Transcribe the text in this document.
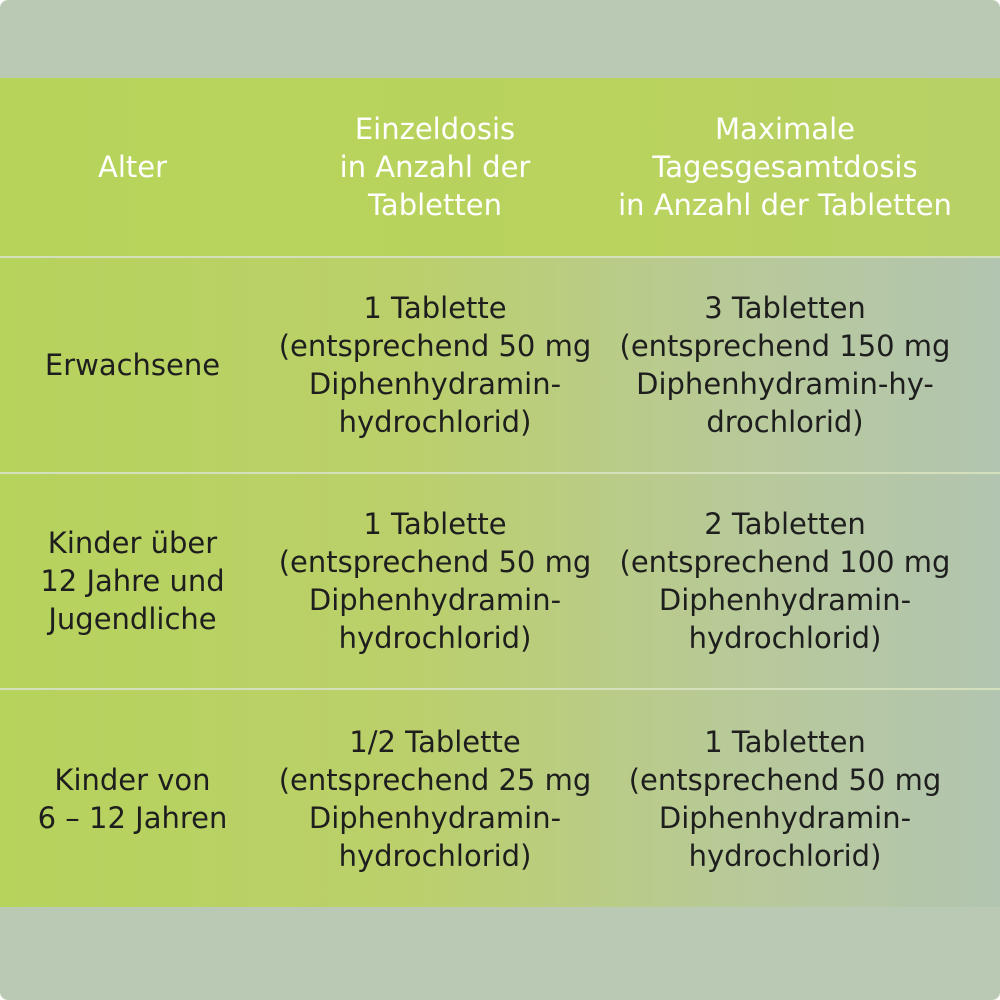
Alter
Einzeldosis
in Anzahl der
Tabletten
Maximale
Tagesgesamtdosis
in Anzahl der Tabletten
Erwachsene
1 Tablette
(entsprechend 50 mg
Diphenhydramin-
hydrochlorid)
3 Tabletten
(entsprechend 150 mg
Diphenhydramin-hy-
drochlorid)
Kinder über
12 Jahre und
Jugendliche
1 Tablette
(entsprechend 50 mg
Diphenhydramin-
hydrochlorid)
2 Tabletten
(entsprechend 100 mg
Diphenhydramin-
hydrochlorid)
Kinder von
6 – 12 Jahren
1/2 Tablette
(entsprechend 25 mg
Diphenhydramin-
hydrochlorid)
1 Tabletten
(entsprechend 50 mg
Diphenhydramin-
hydrochlorid)
